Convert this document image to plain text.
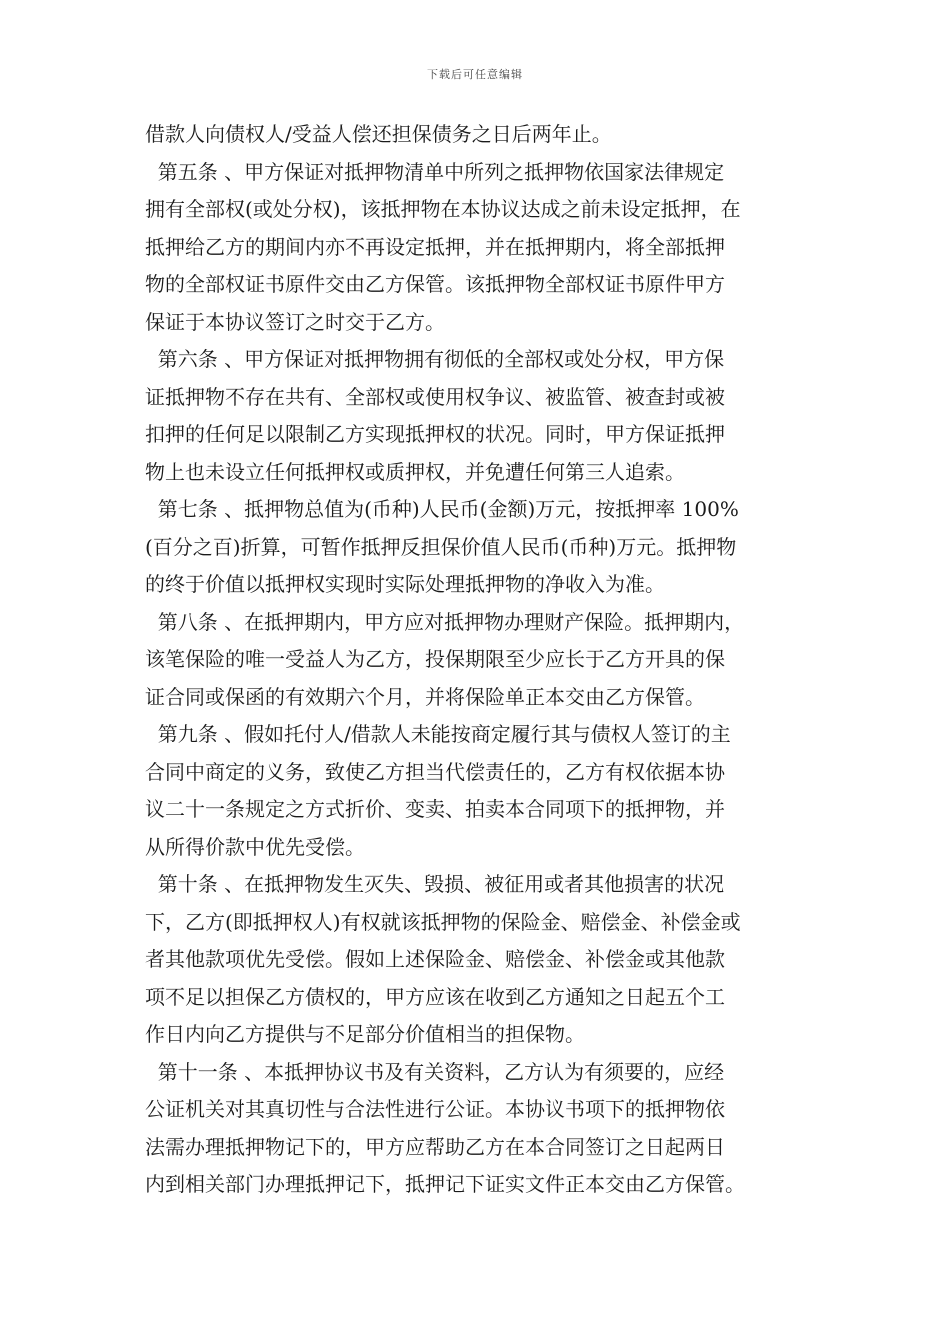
下载后可任意编辑
借款人向债权人/受益人偿还担保债务之日后两年止。
第五条 、甲方保证对抵押物清单中所列之抵押物依国家法律规定
拥有全部权(或处分权)，该抵押物在本协议达成之前未设定抵押，在
抵押给乙方的期间内亦不再设定抵押，并在抵押期内，将全部抵押
物的全部权证书原件交由乙方保管。该抵押物全部权证书原件甲方
保证于本协议签订之时交于乙方。
第六条 、甲方保证对抵押物拥有彻低的全部权或处分权，甲方保
证抵押物不存在共有、全部权或使用权争议、被监管、被查封或被
扣押的任何足以限制乙方实现抵押权的状况。同时，甲方保证抵押
物上也未设立任何抵押权或质押权，并免遭任何第三人追索。
第七条 、抵押物总值为(币种)人民币(金额)万元，按抵押率 100%
(百分之百)折算，可暂作抵押反担保价值人民币(币种)万元。抵押物
的终于价值以抵押权实现时实际处理抵押物的净收入为准。
第八条 、在抵押期内，甲方应对抵押物办理财产保险。抵押期内，
该笔保险的唯一受益人为乙方，投保期限至少应长于乙方开具的保
证合同或保函的有效期六个月，并将保险单正本交由乙方保管。
第九条 、假如托付人/借款人未能按商定履行其与债权人签订的主
合同中商定的义务，致使乙方担当代偿责任的，乙方有权依据本协
议二十一条规定之方式折价、变卖、拍卖本合同项下的抵押物，并
从所得价款中优先受偿。
第十条 、在抵押物发生灭失、毁损、被征用或者其他损害的状况
下，乙方(即抵押权人)有权就该抵押物的保险金、赔偿金、补偿金或
者其他款项优先受偿。假如上述保险金、赔偿金、补偿金或其他款
项不足以担保乙方债权的，甲方应该在收到乙方通知之日起五个工
作日内向乙方提供与不足部分价值相当的担保物。
第十一条 、本抵押协议书及有关资料，乙方认为有须要的，应经
公证机关对其真切性与合法性进行公证。本协议书项下的抵押物依
法需办理抵押物记下的，甲方应帮助乙方在本合同签订之日起两日
内到相关部门办理抵押记下，抵押记下证实文件正本交由乙方保管。
